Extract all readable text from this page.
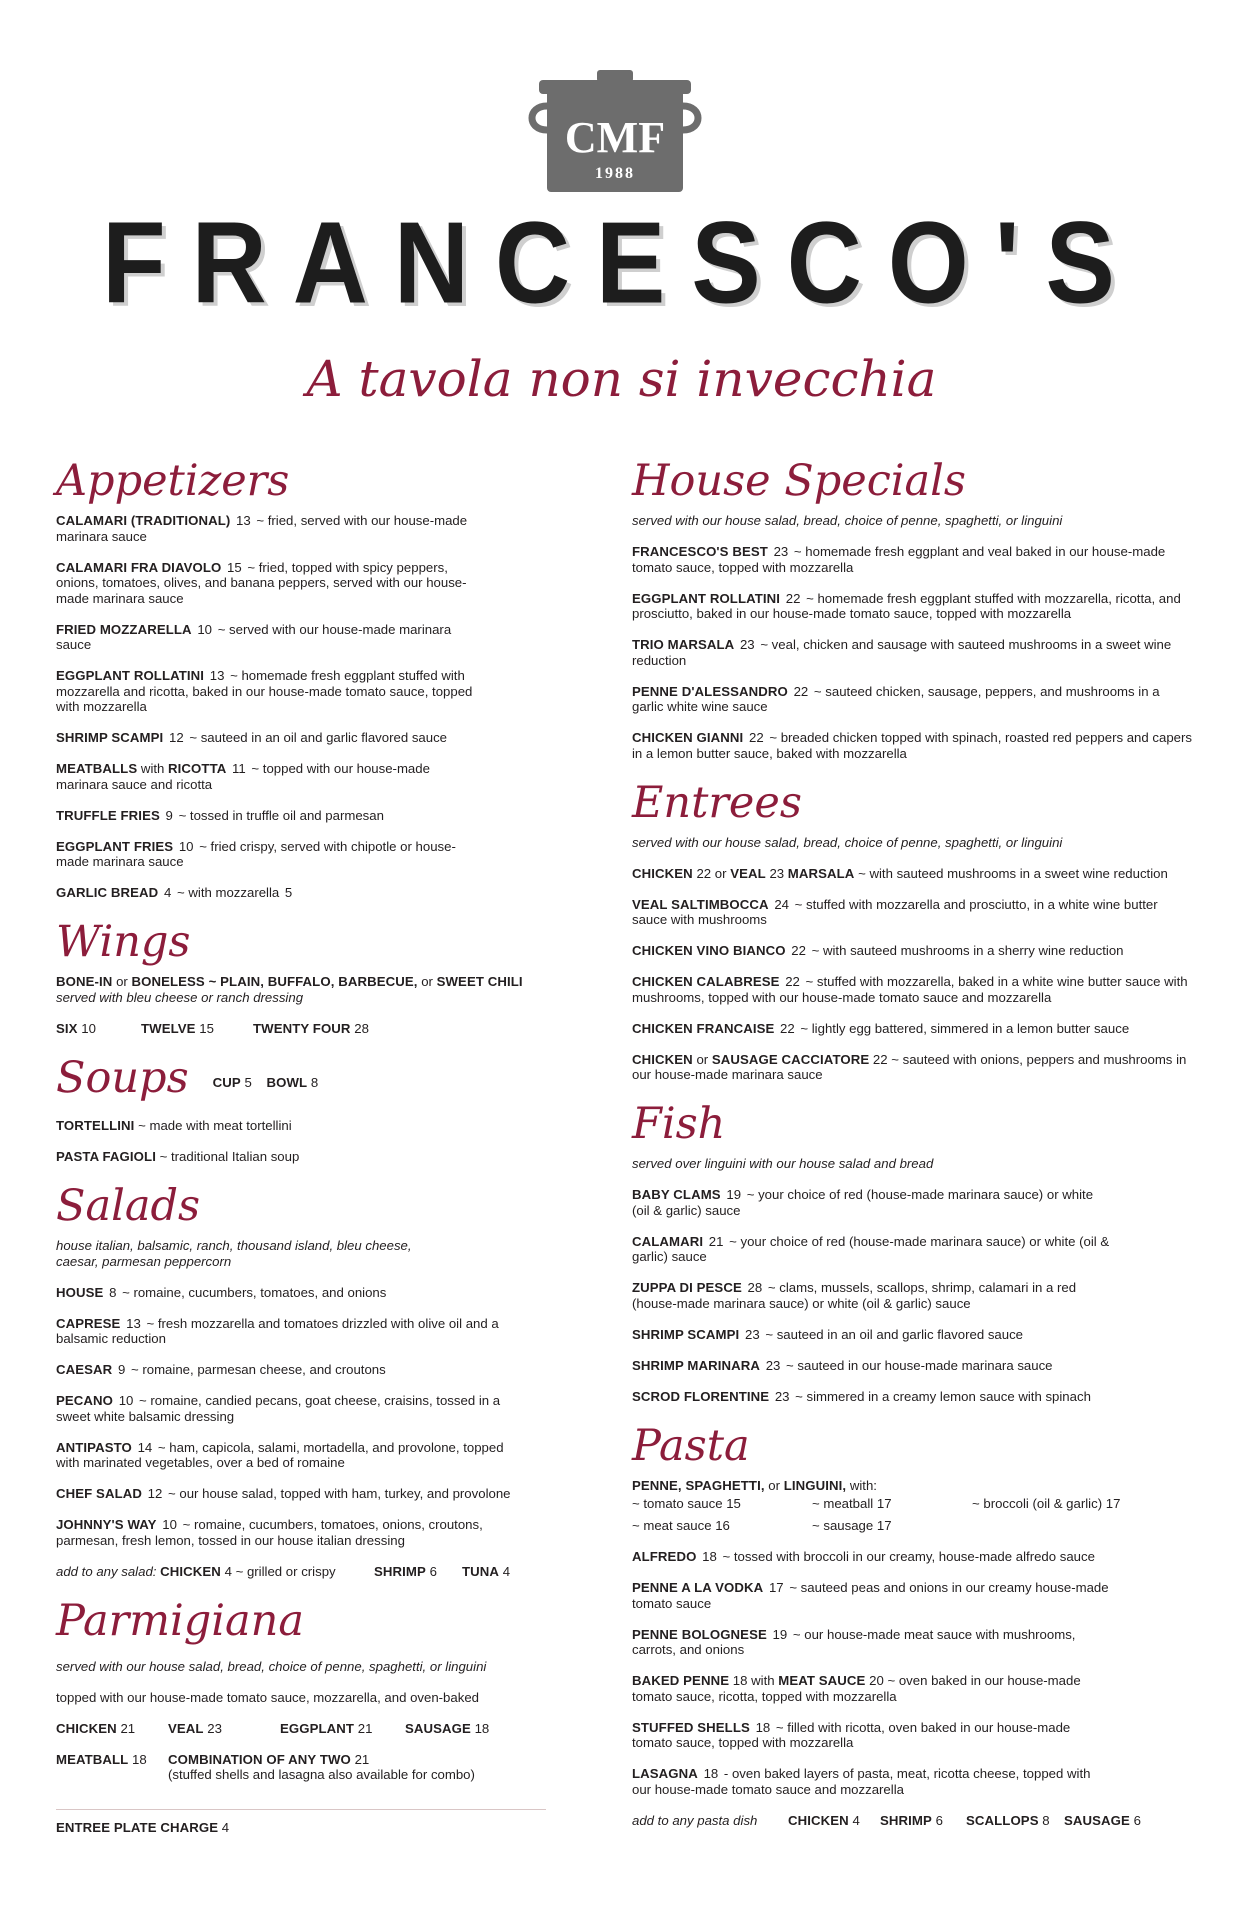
CMF
1988
FRANCESCO'S
A tavola non si invecchia
Appetizers
CALAMARI (TRADITIONAL) 13 ~ fried, served with our house-made marinara sauce
CALAMARI FRA DIAVOLO 15 ~ fried, topped with spicy peppers, onions, tomatoes, olives, and banana peppers, served with our house-made marinara sauce
FRIED MOZZARELLA 10 ~ served with our house-made marinara sauce
EGGPLANT ROLLATINI 13 ~ homemade fresh eggplant stuffed with mozzarella and ricotta, baked in our house-made tomato sauce, topped with mozzarella
SHRIMP SCAMPI 12 ~ sauteed in an oil and garlic flavored sauce
MEATBALLS with RICOTTA 11 ~ topped with our house-made marinara sauce and ricotta
TRUFFLE FRIES 9 ~ tossed in truffle oil and parmesan
EGGPLANT FRIES 10 ~ fried crispy, served with chipotle or house-made marinara sauce
GARLIC BREAD 4 ~ with mozzarella 5
Wings
BONE-IN or BONELESS ~ PLAIN, BUFFALO, BARBECUE, or SWEET CHILI
served with bleu cheese or ranch dressing
SIX 10	TWELVE 15	TWENTY FOUR 28
Soups CUP 5 BOWL 8
TORTELLINI ~ made with meat tortellini
PASTA FAGIOLI ~ traditional Italian soup
Salads
house italian, balsamic, ranch, thousand island, bleu cheese, caesar, parmesan peppercorn
HOUSE 8 ~ romaine, cucumbers, tomatoes, and onions
CAPRESE 13 ~ fresh mozzarella and tomatoes drizzled with olive oil and a balsamic reduction
CAESAR 9 ~ romaine, parmesan cheese, and croutons
PECANO 10 ~ romaine, candied pecans, goat cheese, craisins, tossed in a sweet white balsamic dressing
ANTIPASTO 14 ~ ham, capicola, salami, mortadella, and provolone, topped with marinated vegetables, over a bed of romaine
CHEF SALAD 12 ~ our house salad, topped with ham, turkey, and provolone
JOHNNY'S WAY 10 ~ romaine, cucumbers, tomatoes, onions, croutons, parmesan, fresh lemon, tossed in our house italian dressing
add to any salad: CHICKEN 4 ~ grilled or crispy	SHRIMP 6	TUNA 4
Parmigiana
served with our house salad, bread, choice of penne, spaghetti, or linguini
topped with our house-made tomato sauce, mozzarella, and oven-baked
CHICKEN 21	VEAL 23	EGGPLANT 21	SAUSAGE 18
MEATBALL 18	COMBINATION OF ANY TWO 21
(stuffed shells and lasagna also available for combo)
ENTREE PLATE CHARGE 4
House Specials
served with our house salad, bread, choice of penne, spaghetti, or linguini
FRANCESCO'S BEST 23 ~ homemade fresh eggplant and veal baked in our house-made tomato sauce, topped with mozzarella
EGGPLANT ROLLATINI 22 ~ homemade fresh eggplant stuffed with mozzarella, ricotta, and prosciutto, baked in our house-made tomato sauce, topped with mozzarella
TRIO MARSALA 23 ~ veal, chicken and sausage with sauteed mushrooms in a sweet wine reduction
PENNE D'ALESSANDRO 22 ~ sauteed chicken, sausage, peppers, and mushrooms in a garlic white wine sauce
CHICKEN GIANNI 22 ~ breaded chicken topped with spinach, roasted red peppers and capers in a lemon butter sauce, baked with mozzarella
Entrees
served with our house salad, bread, choice of penne, spaghetti, or linguini
CHICKEN 22 or VEAL 23 MARSALA ~ with sauteed mushrooms in a sweet wine reduction
VEAL SALTIMBOCCA 24 ~ stuffed with mozzarella and prosciutto, in a white wine butter sauce with mushrooms
CHICKEN VINO BIANCO 22 ~ with sauteed mushrooms in a sherry wine reduction
CHICKEN CALABRESE 22 ~ stuffed with mozzarella, baked in a white wine butter sauce with mushrooms, topped with our house-made tomato sauce and mozzarella
CHICKEN FRANCAISE 22 ~ lightly egg battered, simmered in a lemon butter sauce
CHICKEN or SAUSAGE CACCIATORE 22 ~ sauteed with onions, peppers and mushrooms in our house-made marinara sauce
Fish
served over linguini with our house salad and bread
BABY CLAMS 19 ~ your choice of red (house-made marinara sauce) or white (oil & garlic) sauce
CALAMARI 21 ~ your choice of red (house-made marinara sauce) or white (oil & garlic) sauce
ZUPPA DI PESCE 28 ~ clams, mussels, scallops, shrimp, calamari in a red (house-made marinara sauce) or white (oil & garlic) sauce
SHRIMP SCAMPI 23 ~ sauteed in an oil and garlic flavored sauce
SHRIMP MARINARA 23 ~ sauteed in our house-made marinara sauce
SCROD FLORENTINE 23 ~ simmered in a creamy lemon sauce with spinach
Pasta
PENNE, SPAGHETTI, or LINGUINI, with:
~ tomato sauce 15	~ meatball 17	~ broccoli (oil & garlic) 17
~ meat sauce 16	~ sausage 17
ALFREDO 18 ~ tossed with broccoli in our creamy, house-made alfredo sauce
PENNE A LA VODKA 17 ~ sauteed peas and onions in our creamy house-made tomato sauce
PENNE BOLOGNESE 19 ~ our house-made meat sauce with mushrooms, carrots, and onions
BAKED PENNE 18 with MEAT SAUCE 20 ~ oven baked in our house-made tomato sauce, ricotta, topped with mozzarella
STUFFED SHELLS 18 ~ filled with ricotta, oven baked in our house-made tomato sauce, topped with mozzarella
LASAGNA 18 - oven baked layers of pasta, meat, ricotta cheese, topped with our house-made tomato sauce and mozzarella
add to any pasta dish	CHICKEN 4	SHRIMP 6	SCALLOPS 8	SAUSAGE 6
